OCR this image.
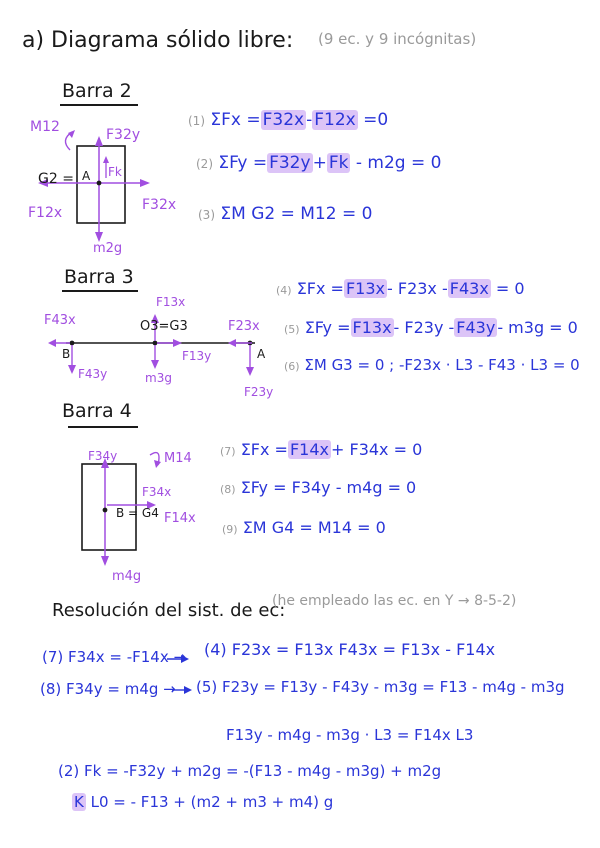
a) Diagrama sólido libre: (9 ec. y 9 incógnitas)
Barra 2
M12	F32y
Fk
G2 = A
F32x
F12x
m2g
(1) ΣFx = F32x - F12x =0
(2) ΣFy = F32y + Fk - m2g = 0
(3) ΣM G2 = M12 = 0
Barra 3
F43x
F13x
O3=G3	F23x
B	A
F43y	m3g
F13y
F23y
(4) ΣFx = F13x - F23x - F43x = 0
(5) ΣFy = F13x - F23y - F43y - m3g = 0
(6) ΣM G3 = 0 ; -F23x · L3 - F43 · L3 = 0
Barra 4
F34y	M14
F34x
B = G4 F14x
m4g
(7) ΣFx = F14x + F34x = 0
(8) ΣFy = F34y - m4g = 0
(9) ΣM G4 = M14 = 0
Resolución del sist. de ec:
(he empleado las ec. en Y → 8-5-2)
(7) F34x = -F14x → (4) F23x = F13x F43x = F13x - F14x
(8) F34y = m4g → (5) F23y = F13y - F43y - m3g = F13 - m4g - m3g
F13y - m4g - m3g · L3 = F14x L3
(2) Fk = -F32y + m2g = -(F13 - m4g - m3g) + m2g
K L0 = - F13 + (m2 + m3 + m4) g
